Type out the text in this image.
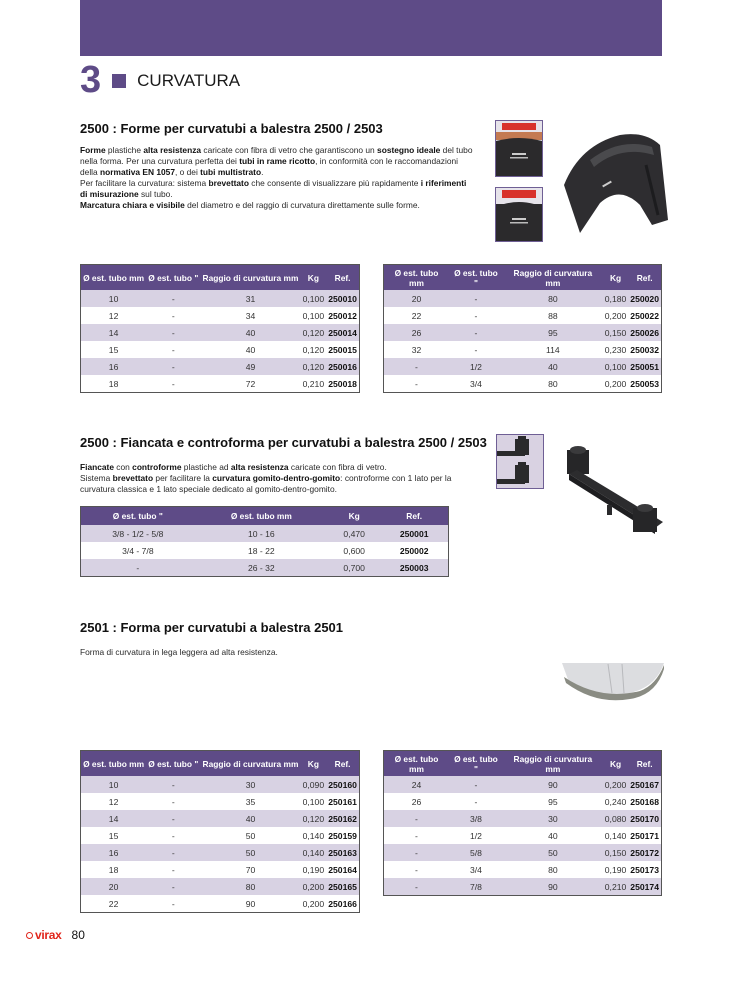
3 CURVATURA
2500 : Forme per curvatubi a balestra 2500 / 2503
Forme plastiche alta resistenza caricate con fibra di vetro che garantiscono un sostegno ideale del tubo nella forma. Per una curvatura perfetta dei tubi in rame ricotto, in conformità con le raccomandazioni della normativa EN 1057, o dei tubi multistrato.
Per facilitare la curvatura: sistema brevettato che consente di visualizzare più rapidamente i riferimenti di misurazione sul tubo.
Marcatura chiara e visibile del diametro e del raggio di curvatura direttamente sulle forme.
Ø est. tubo mm	Ø est. tubo "	Raggio di curvatura mm	Kg	Ref.
10	-	31	0,100	250010
12	-	34	0,100	250012
14	-	40	0,120	250014
15	-	40	0,120	250015
16	-	49	0,120	250016
18	-	72	0,210	250018
Ø est. tubo mm	Ø est. tubo "	Raggio di curvatura mm	Kg	Ref.
20	-	80	0,180	250020
22	-	88	0,200	250022
26	-	95	0,150	250026
32	-	114	0,230	250032
-	1/2	40	0,100	250051
-	3/4	80	0,200	250053
2500 : Fiancata e controforma per curvatubi a balestra 2500 / 2503
Fiancate con controforme plastiche ad alta resistenza caricate con fibra di vetro.
Sistema brevettato per facilitare la curvatura gomito-dentro-gomito: controforme con 1 lato per la curvatura classica e 1 lato speciale dedicato al gomito-dentro-gomito.
Ø est. tubo "	Ø est. tubo mm	Kg	Ref.
3/8 - 1/2 - 5/8	10 - 16	0,470	250001
3/4 - 7/8	18 - 22	0,600	250002
-	26 - 32	0,700	250003
2501 : Forma per curvatubi a balestra 2501
Forma di curvatura in lega leggera ad alta resistenza.
Ø est. tubo mm	Ø est. tubo "	Raggio di curvatura mm	Kg	Ref.
10	-	30	0,090	250160
12	-	35	0,100	250161
14	-	40	0,120	250162
15	-	50	0,140	250159
16	-	50	0,140	250163
18	-	70	0,190	250164
20	-	80	0,200	250165
22	-	90	0,200	250166
Ø est. tubo mm	Ø est. tubo "	Raggio di curvatura mm	Kg	Ref.
24	-	90	0,200	250167
26	-	95	0,240	250168
-	3/8	30	0,080	250170
-	1/2	40	0,140	250171
-	5/8	50	0,150	250172
-	3/4	80	0,190	250173
-	7/8	90	0,210	250174
virax 80
